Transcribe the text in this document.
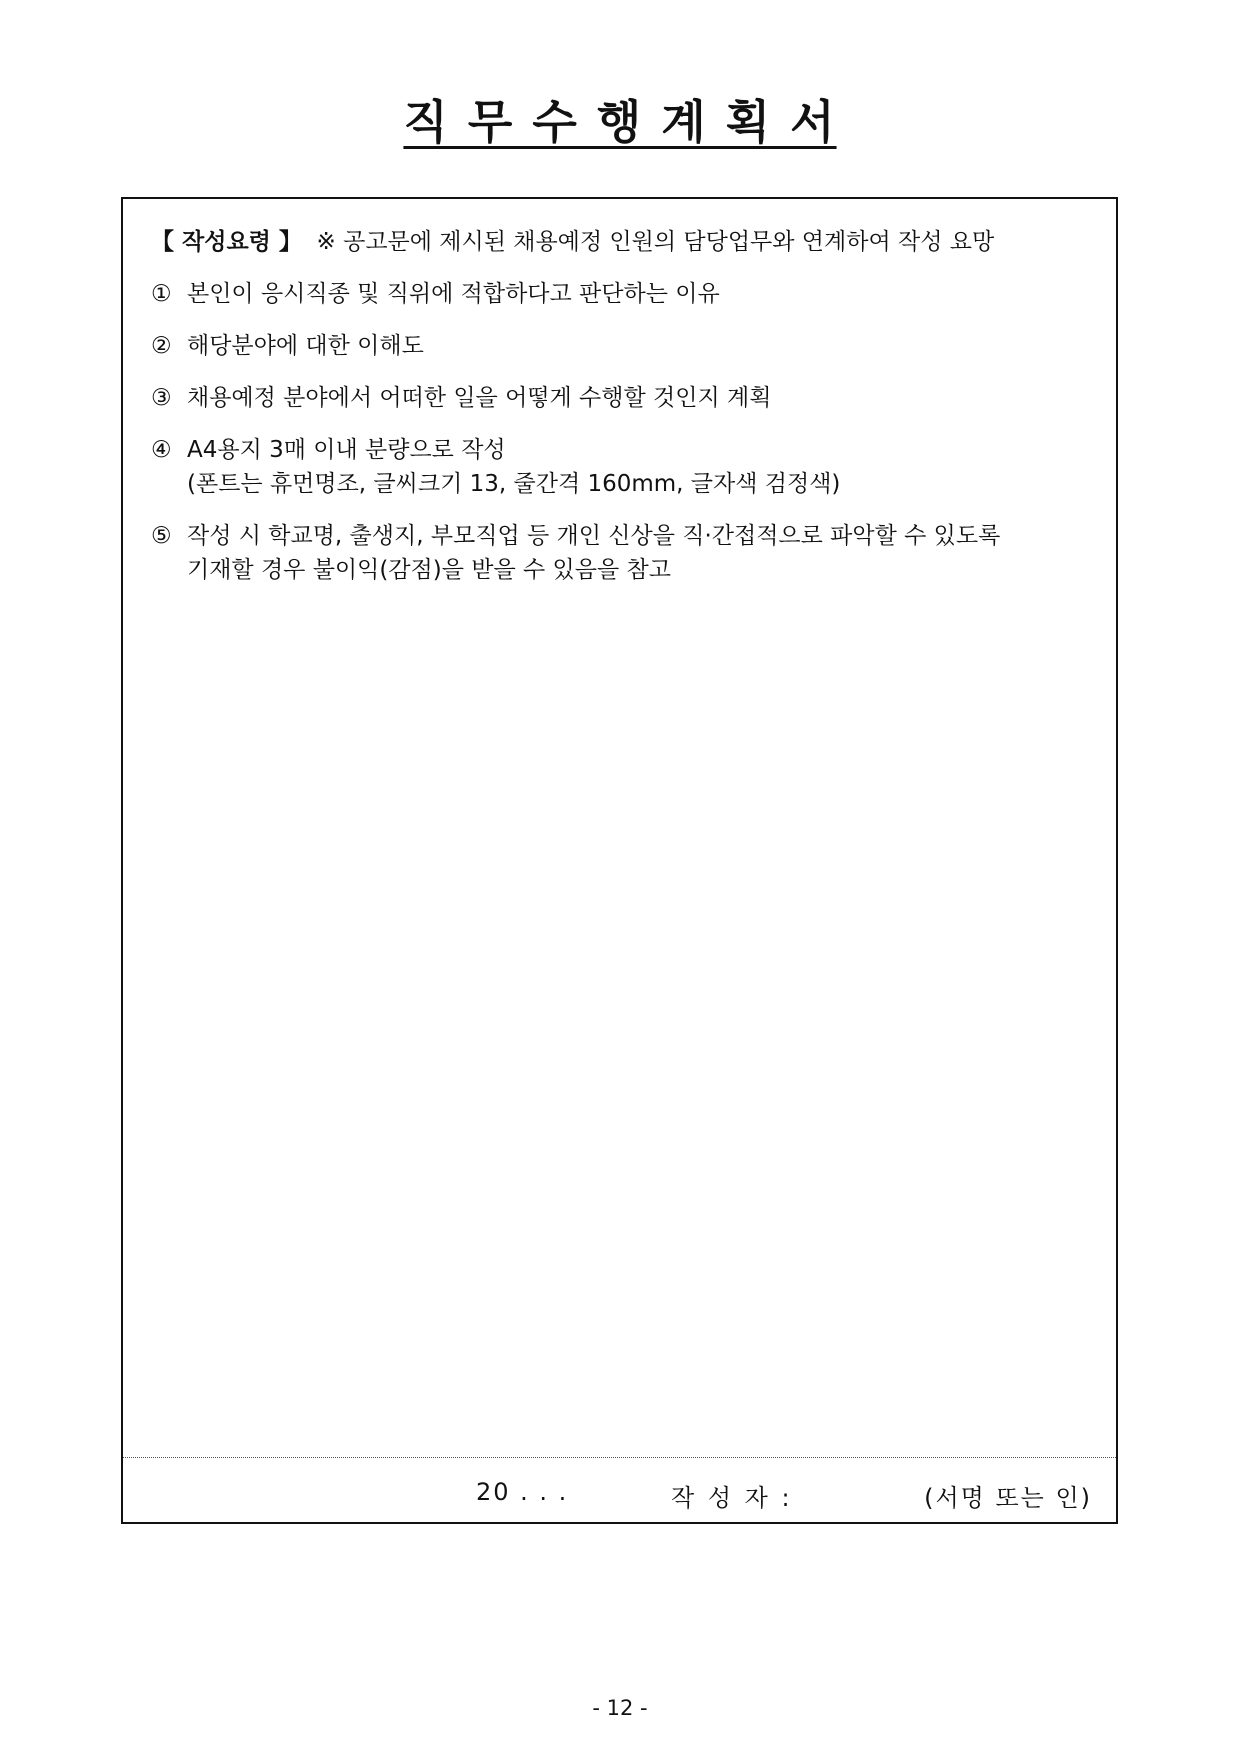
직 무 수 행 계 획 서
【 작성요령 】 ※ 공고문에 제시된 채용예정 인원의 담당업무와 연계하여 작성 요망
① 본인이 응시직종 및 직위에 적합하다고 판단하는 이유
② 해당분야에 대한 이해도
③ 채용예정 분야에서 어떠한 일을 어떻게 수행할 것인지 계획
④ A4용지 3매 이내 분량으로 작성
(폰트는 휴먼명조, 글씨크기 13, 줄간격 160mm, 글자색 검정색)
⑤ 작성 시 학교명, 출생지, 부모직업 등 개인 신상을 직·간접적으로 파악할 수 있도록
기재할 경우 불이익(감점)을 받을 수 있음을 참고
20 . . .	작 성 자 :	(서명 또는 인)
- 12 -
